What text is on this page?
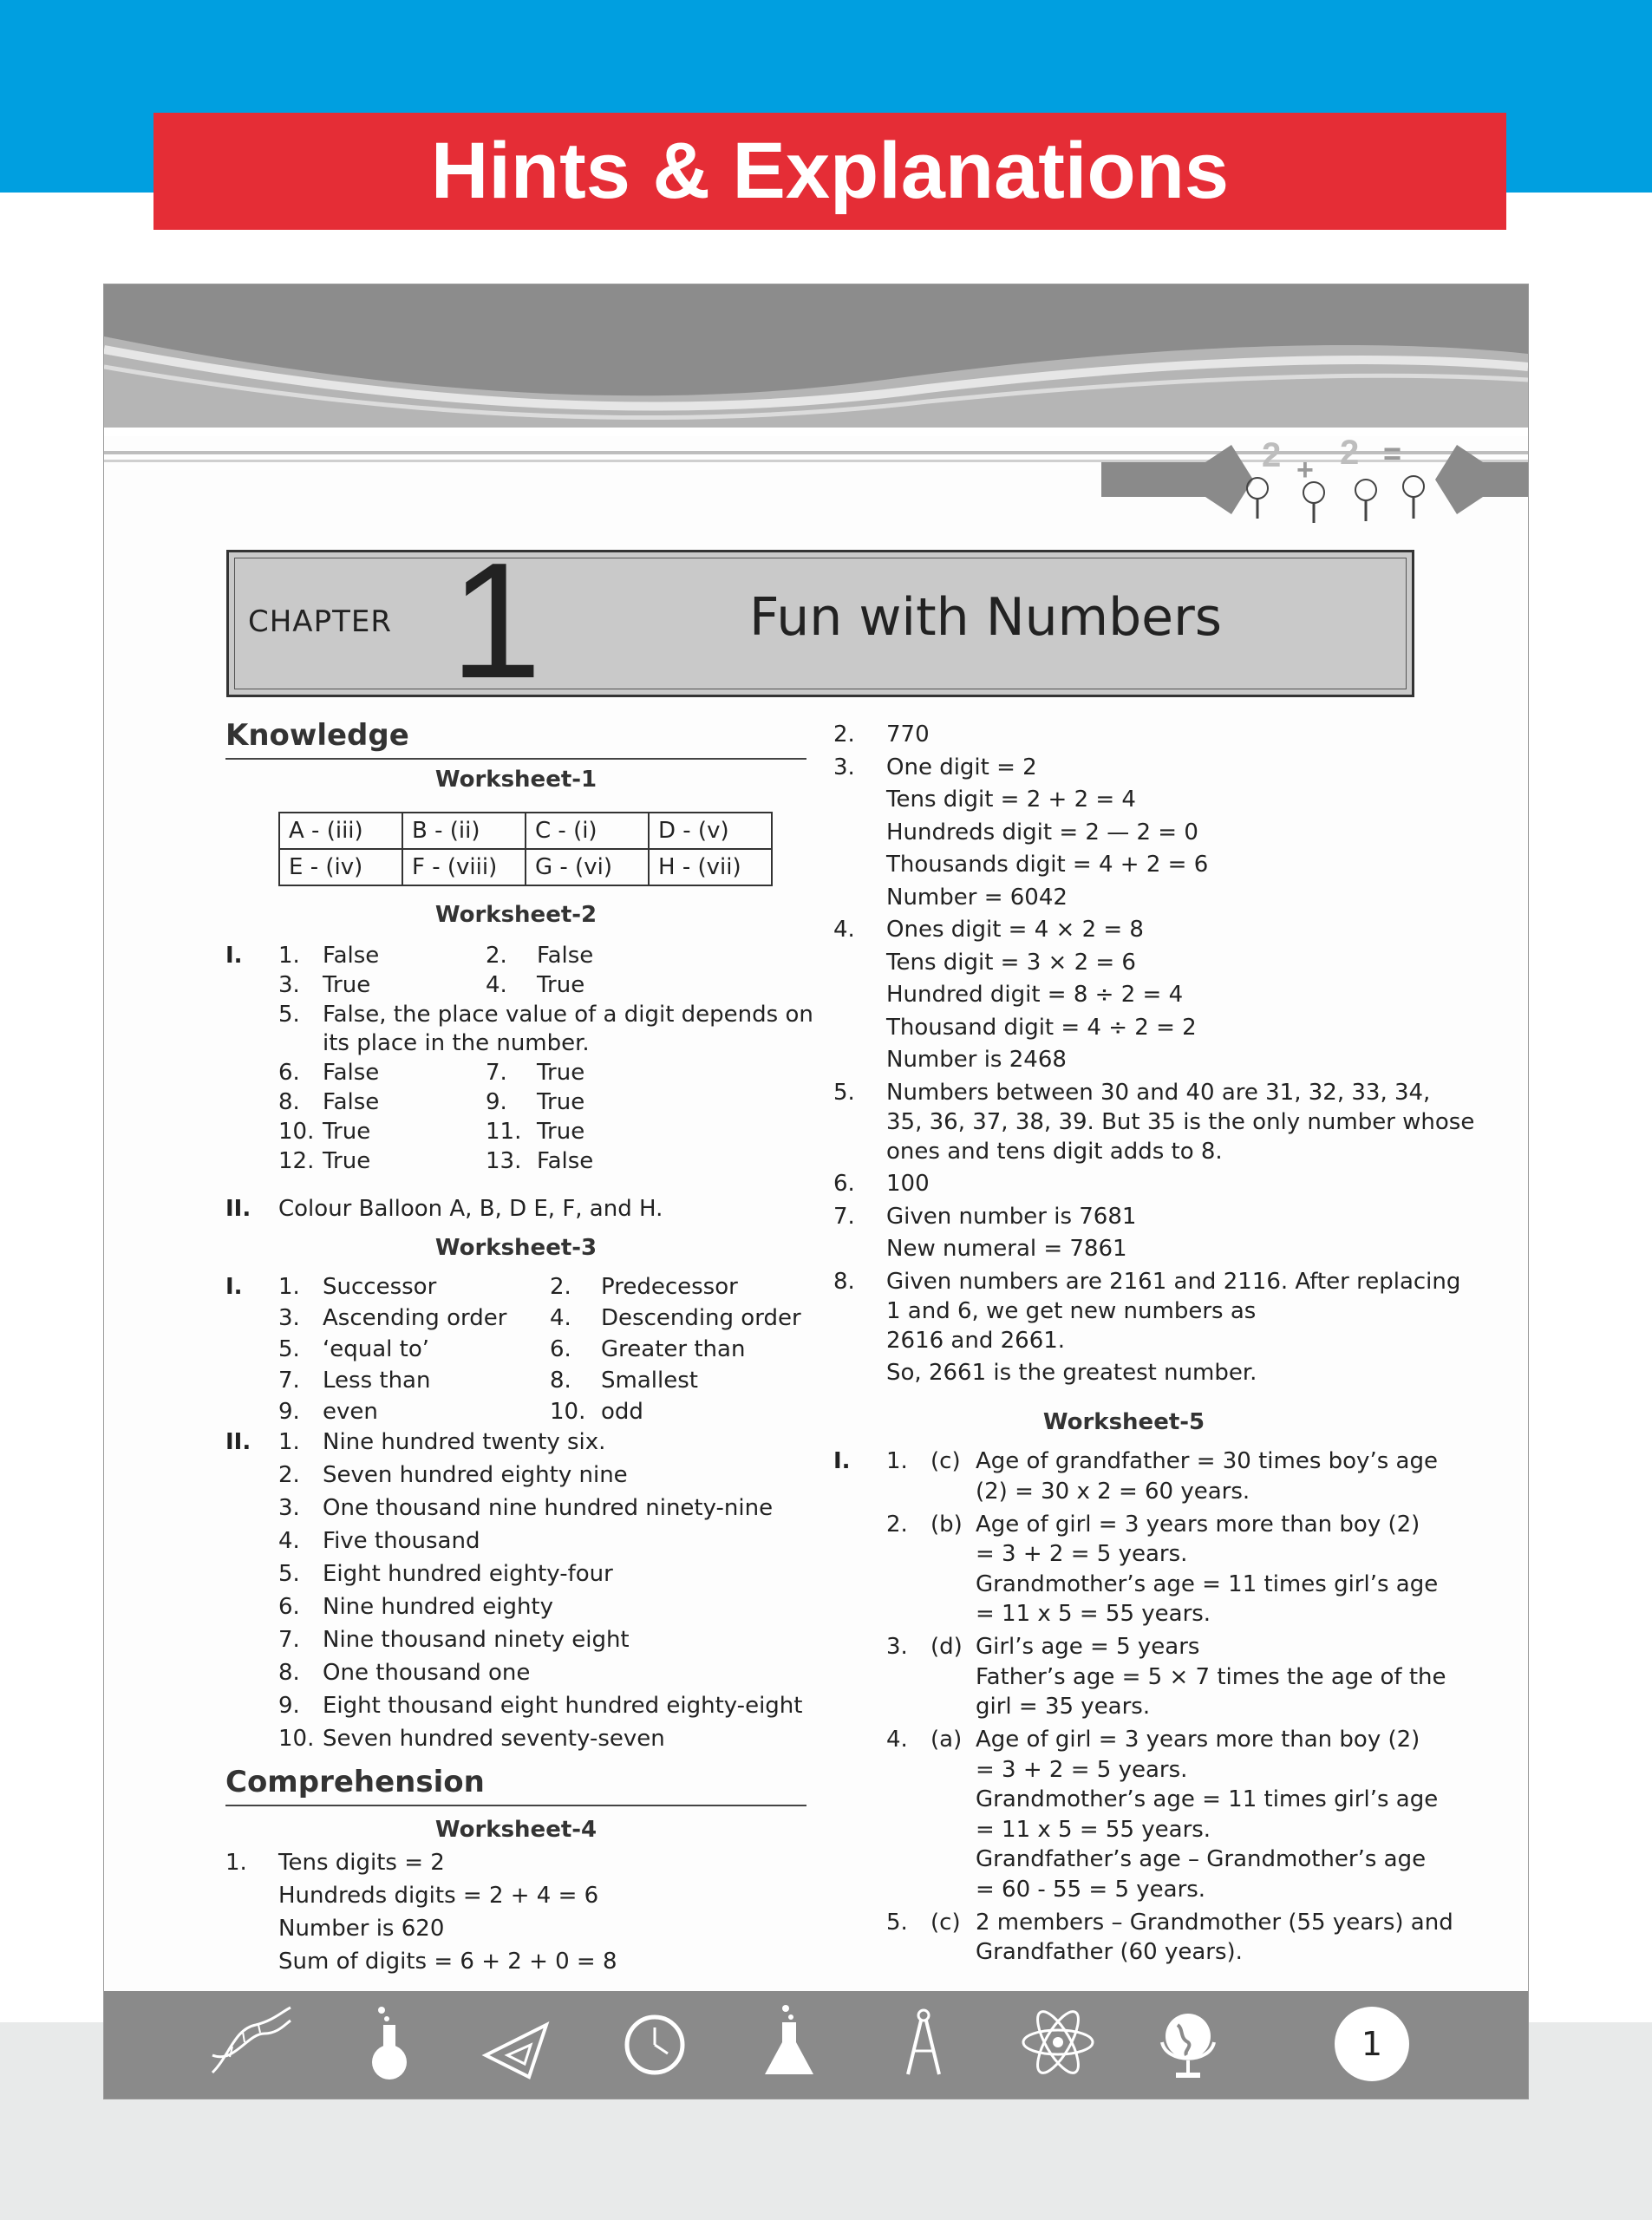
Hints & Explanations
2 + 2 =
CHAPTER 1	Fun with Numbers
Knowledge
Worksheet-1
A - (iii)	B - (ii)	C - (i)	D - (v)
E - (iv)	F - (viii)	G - (vi)	H - (vii)
Worksheet-2
I. 1. False	2. False
3. True	4. True
5. False, the place value of a digit depends on
its place in the number.
6. False	7. True
8. False	9. True
10. True	11. True
12. True	13. False
II. Colour Balloon A, B, D E, F, and H.
Worksheet-3
I. 1. Successor	2. Predecessor
3. Ascending order 4. Descending order
5. ‘equal to’	6. Greater than
7. Less than	8. Smallest
9. even	10. odd
II. 1. Nine hundred twenty six.
2. Seven hundred eighty nine
3. One thousand nine hundred ninety-nine
4. Five thousand
5. Eight hundred eighty-four
6. Nine hundred eighty
7. Nine thousand ninety eight
8. One thousand one
9. Eight thousand eight hundred eighty-eight
10. Seven hundred seventy-seven
Comprehension
Worksheet-4
1. Tens digits = 2
Hundreds digits = 2 + 4 = 6
Number is 620
Sum of digits = 6 + 2 + 0 = 8
2. 770
3. One digit = 2
Tens digit = 2 + 2 = 4
Hundreds digit = 2 — 2 = 0
Thousands digit = 4 + 2 = 6
Number = 6042
4. Ones digit = 4 × 2 = 8
Tens digit = 3 × 2 = 6
Hundred digit = 8 ÷ 2 = 4
Thousand digit = 4 ÷ 2 = 2
Number is 2468
5. Numbers between 30 and 40 are 31, 32, 33, 34,
35, 36, 37, 38, 39. But 35 is the only number whose
ones and tens digit adds to 8.
6. 100
7. Given number is 7681
New numeral = 7861
8. Given numbers are 2161 and 2116. After replacing
1 and 6, we get new numbers as
2616 and 2661.
So, 2661 is the greatest number.
Worksheet-5
I. 1. (c) Age of grandfather = 30 times boy’s age
(2) = 30 x 2 = 60 years.
2. (b) Age of girl = 3 years more than boy (2)
= 3 + 2 = 5 years.
Grandmother’s age = 11 times girl’s age
= 11 x 5 = 55 years.
3. (d) Girl’s age = 5 years
Father’s age = 5 × 7 times the age of the
girl = 35 years.
4. (a) Age of girl = 3 years more than boy (2)
= 3 + 2 = 5 years.
Grandmother’s age = 11 times girl’s age
= 11 x 5 = 55 years.
Grandfather’s age – Grandmother’s age
= 60 - 55 = 5 years.
5. (c) 2 members – Grandmother (55 years) and
Grandfather (60 years).
1
